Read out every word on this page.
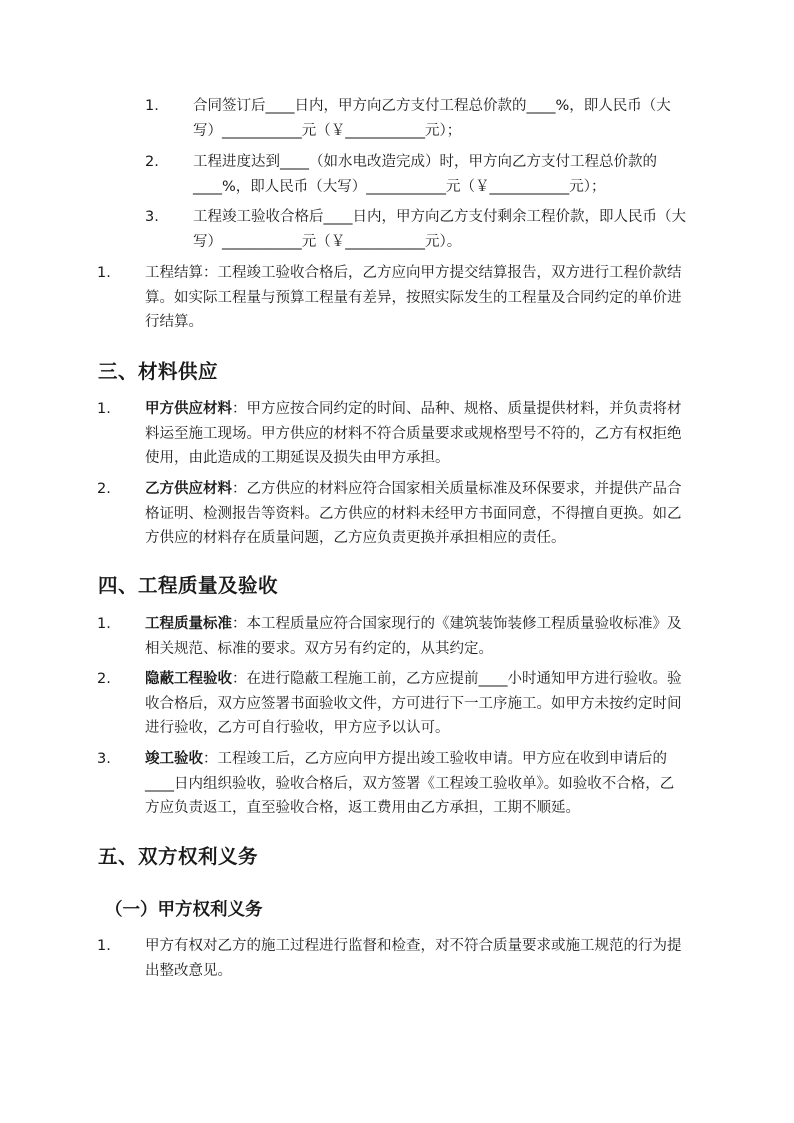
1. 合同签订后____日内，甲方向乙方支付工程总价款的____%，即人民币（大
写）___________元（￥___________元）；
2. 工程进度达到____（如水电改造完成）时，甲方向乙方支付工程总价款的
____%，即人民币（大写）___________元（￥___________元）；
3. 工程竣工验收合格后____日内，甲方向乙方支付剩余工程价款，即人民币（大
写）___________元（￥___________元）。
1. 工程结算：工程竣工验收合格后，乙方应向甲方提交结算报告，双方进行工程价款结
算。如实际工程量与预算工程量有差异，按照实际发生的工程量及合同约定的单价进
行结算。
三、材料供应
1. 甲方供应材料：甲方应按合同约定的时间、品种、规格、质量提供材料，并负责将材
料运至施工现场。甲方供应的材料不符合质量要求或规格型号不符的，乙方有权拒绝
使用，由此造成的工期延误及损失由甲方承担。
2. 乙方供应材料：乙方供应的材料应符合国家相关质量标准及环保要求，并提供产品合
格证明、检测报告等资料。乙方供应的材料未经甲方书面同意，不得擅自更换。如乙
方供应的材料存在质量问题，乙方应负责更换并承担相应的责任。
四、工程质量及验收
1. 工程质量标准：本工程质量应符合国家现行的《建筑装饰装修工程质量验收标准》及
相关规范、标准的要求。双方另有约定的，从其约定。
2. 隐蔽工程验收：在进行隐蔽工程施工前，乙方应提前____小时通知甲方进行验收。验
收合格后，双方应签署书面验收文件，方可进行下一工序施工。如甲方未按约定时间
进行验收，乙方可自行验收，甲方应予以认可。
3. 竣工验收：工程竣工后，乙方应向甲方提出竣工验收申请。甲方应在收到申请后的
____日内组织验收，验收合格后，双方签署《工程竣工验收单》。如验收不合格，乙
方应负责返工，直至验收合格，返工费用由乙方承担，工期不顺延。
五、双方权利义务
（一）甲方权利义务
1. 甲方有权对乙方的施工过程进行监督和检查，对不符合质量要求或施工规范的行为提
出整改意见。
